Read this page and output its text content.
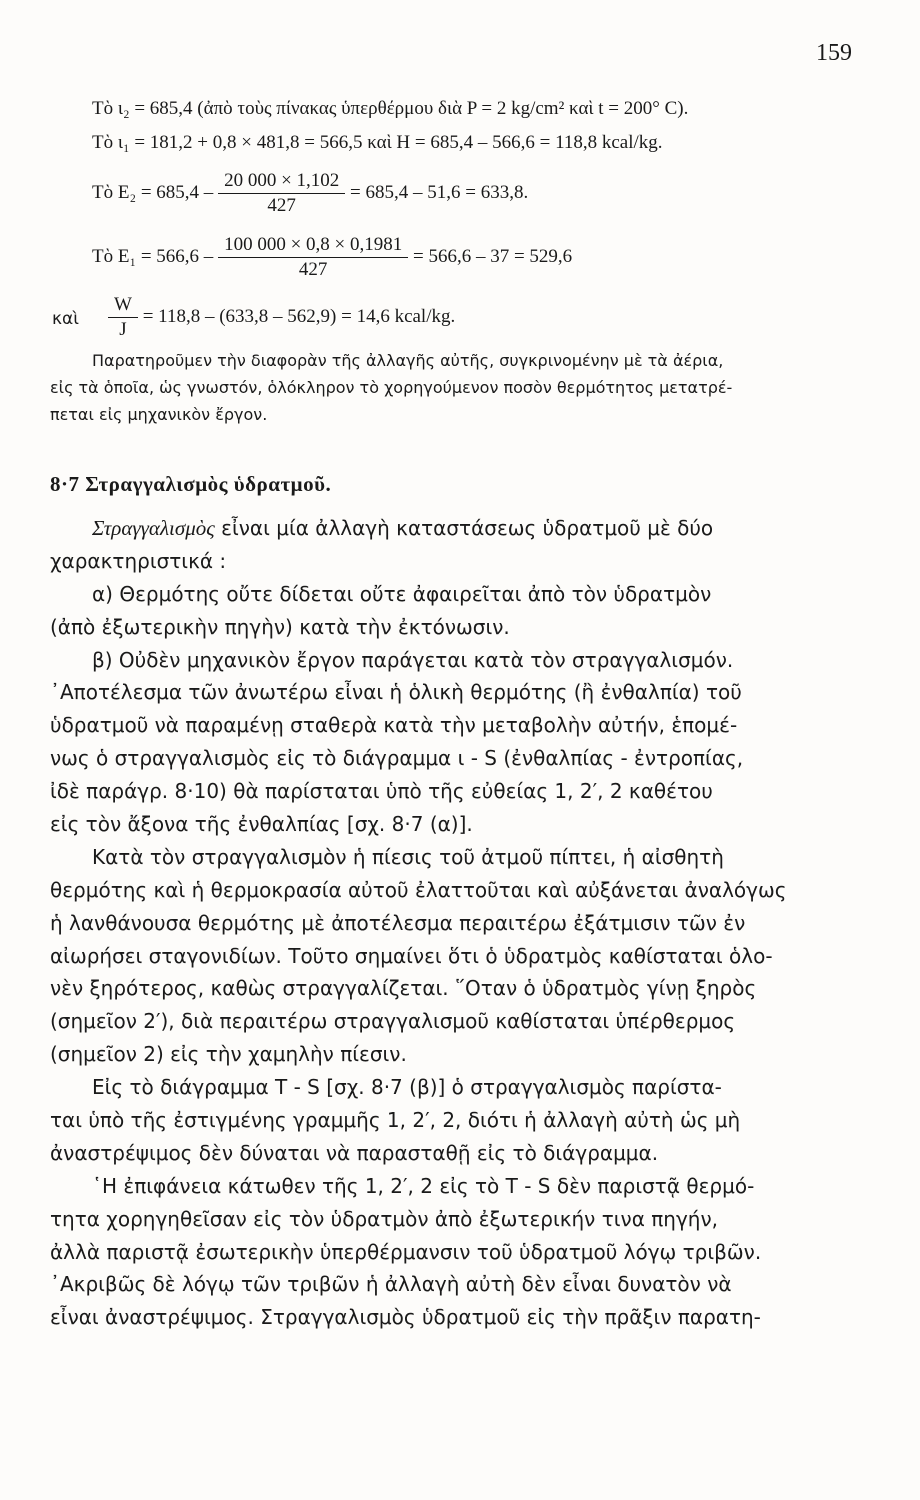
159
Τὸ ι₂ = 685,4 (ἀπὸ τοὺς πίνακας ὑπερθέρμου διὰ P = 2 kg/cm² καὶ t = 200° C).
Τὸ ι₁ = 181,2 + 0,8 × 481,8 = 566,5 καὶ H = 685,4 – 566,6 = 118,8 kcal/kg.
Τὸ $E_2 = 685,4 - \frac{20 000 \times 1,102}{427} = 685,4 - 51,6 = 633,8$.
Τὸ $E_1 = 566,6 - \frac{100 000 \times 0,8 \times 0,1981}{427} = 566,6 - 37 = 529,6$
καὶ $\frac{W}{J} = 118,8 - (633,8 - 562,9) = 14,6$ kcal/kg.
Παρατηροῦμεν τὴν διαφορὰν τῆς ἀλλαγῆς αὐτῆς, συγκρινομένην μὲ τὰ ἀέρια,
εἰς τὰ ὁποῖα, ὡς γνωστόν, ὁλόκληρον τὸ χορηγούμενον ποσὸν θερμότητος μετατρέ-
πεται εἰς μηχανικὸν ἔργον.
8·7 Στραγγαλισμὸς ὑδρατμοῦ.
Στραγγαλισμὸς εἶναι μία ἀλλαγὴ καταστάσεως ὑδρατμοῦ μὲ δύο
χαρακτηριστικά :
α) Θερμότης οὔτε δίδεται οὔτε ἀφαιρεῖται ἀπὸ τὸν ὑδρατμὸν
(ἀπὸ ἐξωτερικὴν πηγὴν) κατὰ τὴν ἐκτόνωσιν.
β) Οὐδὲν μηχανικὸν ἔργον παράγεται κατὰ τὸν στραγγαλισμόν.
᾿Αποτέλεσμα τῶν ἀνωτέρω εἶναι ἡ ὁλικὴ θερμότης (ἢ ἐνθαλπία) τοῦ
ὑδρατμοῦ νὰ παραμένῃ σταθερὰ κατὰ τὴν μεταβολὴν αὐτήν, ἑπομέ-
νως ὁ στραγγαλισμὸς εἰς τὸ διάγραμμα ι - S (ἐνθαλπίας - ἐντροπίας,
ἰδὲ παράγρ. 8·10) θὰ παρίσταται ὑπὸ τῆς εὐθείας 1, 2′, 2 καθέτου
εἰς τὸν ἄξονα τῆς ἐνθαλπίας [σχ. 8·7 (α)].
Κατὰ τὸν στραγγαλισμὸν ἡ πίεσις τοῦ ἀτμοῦ πίπτει, ἡ αἰσθητὴ
θερμότης καὶ ἡ θερμοκρασία αὐτοῦ ἐλαττοῦται καὶ αὐξάνεται ἀναλόγως
ἡ λανθάνουσα θερμότης μὲ ἀποτέλεσμα περαιτέρω ἐξάτμισιν τῶν ἐν
αἰωρήσει σταγονιδίων. Τοῦτο σημαίνει ὅτι ὁ ὑδρατμὸς καθίσταται ὁλο-
νὲν ξηρότερος, καθὼς στραγγαλίζεται. ῞Οταν ὁ ὑδρατμὸς γίνῃ ξηρὸς
(σημεῖον 2′), διὰ περαιτέρω στραγγαλισμοῦ καθίσταται ὑπέρθερμος
(σημεῖον 2) εἰς τὴν χαμηλὴν πίεσιν.
Εἰς τὸ διάγραμμα T - S [σχ. 8·7 (β)] ὁ στραγγαλισμὸς παρίστα-
ται ὑπὸ τῆς ἐστιγμένης γραμμῆς 1, 2′, 2, διότι ἡ ἀλλαγὴ αὐτὴ ὡς μὴ
ἀναστρέψιμος δὲν δύναται νὰ παρασταθῇ εἰς τὸ διάγραμμα.
῾Η ἐπιφάνεια κάτωθεν τῆς 1, 2′, 2 εἰς τὸ T - S δὲν παριστᾷ θερμό-
τητα χορηγηθεῖσαν εἰς τὸν ὑδρατμὸν ἀπὸ ἐξωτερικήν τινα πηγήν,
ἀλλὰ παριστᾷ ἐσωτερικὴν ὑπερθέρμανσιν τοῦ ὑδρατμοῦ λόγῳ τριβῶν.
᾿Ακριβῶς δὲ λόγῳ τῶν τριβῶν ἡ ἀλλαγὴ αὐτὴ δὲν εἶναι δυνατὸν νὰ
εἶναι ἀναστρέψιμος. Στραγγαλισμὸς ὑδρατμοῦ εἰς τὴν πρᾶξιν παρατη-
